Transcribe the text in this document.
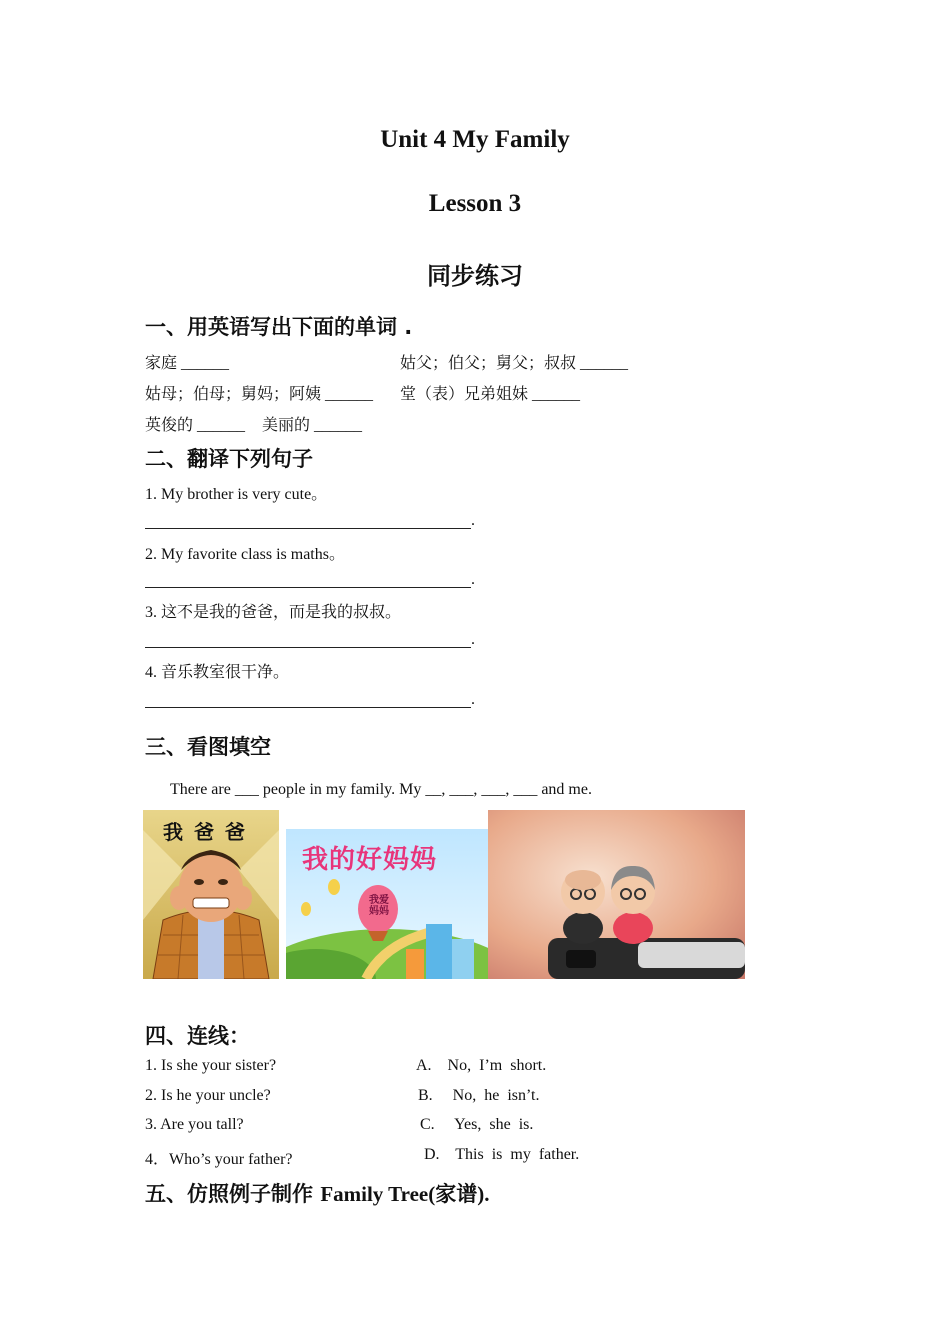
Unit 4 My Family
Lesson 3
同步练习
一、用英语写出下面的单词 .
家庭 ______	姑父；伯父；舅父；叔叔 ______
姑母；伯母；舅妈；阿姨 ______ 堂（表）兄弟姐妹 ______
英俊的 ______ 美丽的 ______
二、翻译下列句子
1. My brother is very cute。
.
2. My favorite class is maths。
.
3. 这不是我的爸爸，而是我的叔叔。
.
4. 音乐教室很干净。
.
三、看图填空
There are ___ people in my family. My __, ___, ___, ___ and me.
我 爸 爸
我的好妈妈
我爱妈妈
四、连线：
1. Is she your sister?
2. Is he your uncle?
3. Are you tall?
4．Who’s your father?
A.    No,  I’m  short.
B.     No,  he  isn’t.
C.     Yes,  she  is.
D.    This  is  my  father.
五、仿照例子制作 Family Tree(家谱).
